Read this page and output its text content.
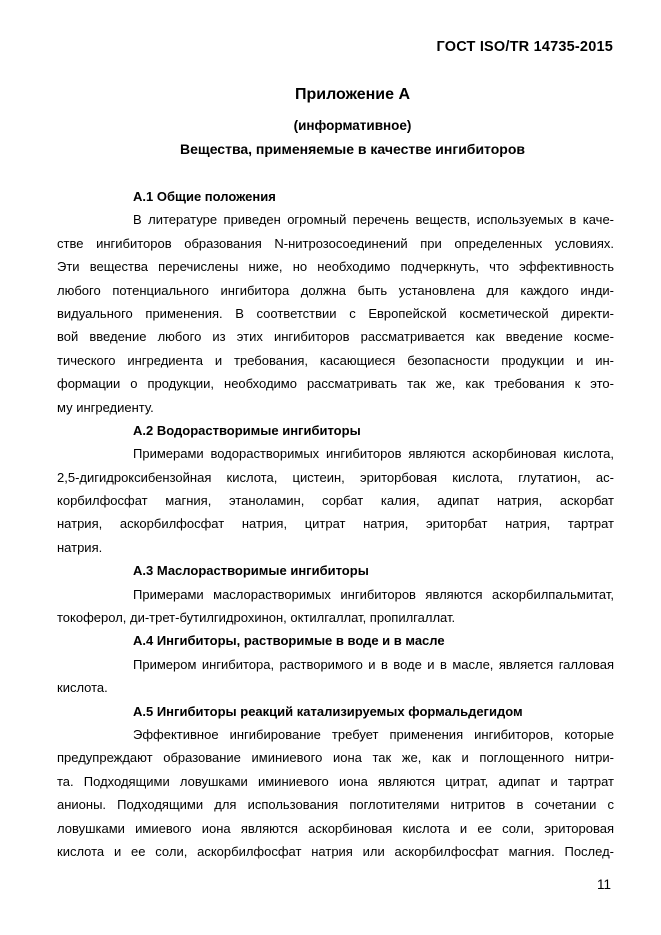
ГОСТ ISO/TR 14735-2015
Приложение А
(информативное)
Вещества, применяемые в качестве ингибиторов
А.1 Общие положения
В литературе приведен огромный перечень веществ, используемых в каче-
стве ингибиторов образования N-нитрозосоединений при определенных условиях.
Эти вещества перечислены ниже, но необходимо подчеркнуть, что эффективность
любого потенциального ингибитора должна быть установлена для каждого инди-
видуального применения. В соответствии с Европейской косметической директи-
вой введение любого из этих ингибиторов рассматривается как введение косме-
тического ингредиента и требования, касающиеся безопасности продукции и ин-
формации о продукции, необходимо рассматривать так же, как требования к это-
му ингредиенту.
А.2 Водорастворимые ингибиторы
Примерами водорастворимых ингибиторов являются аскорбиновая кислота,
2,5-дигидроксибензойная кислота, цистеин, эриторбовая кислота, глутатион, ас-
корбилфосфат магния, этаноламин, сорбат калия, адипат натрия, аскорбат
натрия, аскорбилфосфат натрия, цитрат натрия, эриторбат натрия, тартрат
натрия.
А.3 Маслорастворимые ингибиторы
Примерами маслорастворимых ингибиторов являются аскорбилпальмитат,
токоферол, ди-трет-бутилгидрохинон, октилгаллат, пропилгаллат.
А.4 Ингибиторы, растворимые в воде и в масле
Примером ингибитора, растворимого и в воде и в масле, является галловая
кислота.
А.5 Ингибиторы реакций катализируемых формальдегидом
Эффективное ингибирование требует применения ингибиторов, которые
предупреждают образование иминиевого иона так же, как и поглощенного нитри-
та. Подходящими ловушками иминиевого иона являются цитрат, адипат и тартрат
анионы. Подходящими для использования поглотителями нитритов в сочетании с
ловушками имиевого иона являются аскорбиновая кислота и ее соли, эриторовая
кислота и ее соли, аскорбилфосфат натрия или аскорбилфосфат магния. Послед-
11
